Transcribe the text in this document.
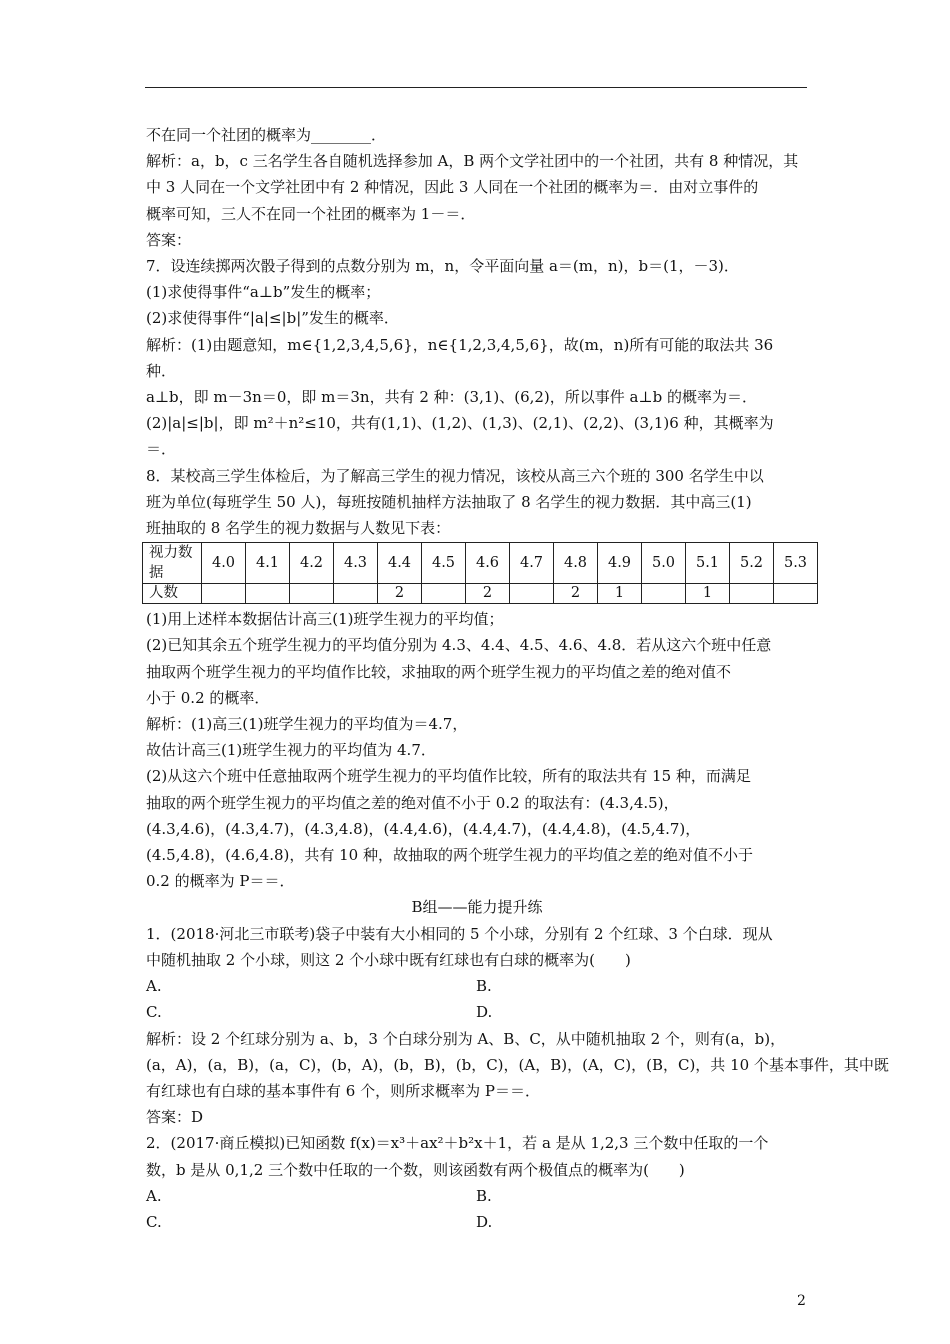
不在同一个社团的概率为________．

解析：a，b，c 三名学生各自随机选择参加 A，B 两个文学社团中的一个社团，共有 8 种情况，其

中 3 人同在一个文学社团中有 2 种情况，因此 3 人同在一个社团的概率为＝．由对立事件的

概率可知，三人不在同一个社团的概率为 1－＝．

答案：

7．设连续掷两次骰子得到的点数分别为 m，n，令平面向量 a＝(m，n)，b＝(1，－3)．

(1)求使得事件“a⊥b”发生的概率；

(2)求使得事件“|a|≤|b|”发生的概率．

解析：(1)由题意知，m∈{1,2,3,4,5,6}，n∈{1,2,3,4,5,6}，故(m，n)所有可能的取法共 36

种．

a⊥b，即 m－3n＝0，即 m＝3n，共有 2 种：(3,1)、(6,2)，所以事件 a⊥b 的概率为＝．

(2)|a|≤|b|，即 m²＋n²≤10，共有(1,1)、(1,2)、(1,3)、(2,1)、(2,2)、(3,1)6 种，其概率为

＝．

8．某校高三学生体检后，为了解高三学生的视力情况，该校从高三六个班的 300 名学生中以

班为单位(每班学生 50 人)，每班按随机抽样方法抽取了 8 名学生的视力数据．其中高三(1)

班抽取的 8 名学生的视力数据与人数见下表：

视力数据	4.0	4.1	4.2	4.3	4.4	4.5	4.6	4.7	4.8	4.9	5.0	5.1	5.2	5.3
人数					2		2		2	1		1		

(1)用上述样本数据估计高三(1)班学生视力的平均值；

(2)已知其余五个班学生视力的平均值分别为 4.3、4.4、4.5、4.6、4.8．若从这六个班中任意

抽取两个班学生视力的平均值作比较，求抽取的两个班学生视力的平均值之差的绝对值不

小于 0.2 的概率．

解析：(1)高三(1)班学生视力的平均值为＝4.7，

故估计高三(1)班学生视力的平均值为 4.7．

(2)从这六个班中任意抽取两个班学生视力的平均值作比较，所有的取法共有 15 种，而满足

抽取的两个班学生视力的平均值之差的绝对值不小于 0.2 的取法有：(4.3,4.5)，

(4.3,4.6)，(4.3,4.7)，(4.3,4.8)，(4.4,4.6)，(4.4,4.7)，(4.4,4.8)，(4.5,4.7)，

(4.5,4.8)，(4.6,4.8)，共有 10 种，故抽取的两个班学生视力的平均值之差的绝对值不小于

0.2 的概率为 P＝＝．

B组——能力提升练

1．(2018·河北三市联考)袋子中装有大小相同的 5 个小球，分别有 2 个红球、3 个白球．现从

中随机抽取 2 个小球，则这 2 个小球中既有红球也有白球的概率为(　　)

A.	B.
C.	D.

解析：设 2 个红球分别为 a、b，3 个白球分别为 A、B、C，从中随机抽取 2 个，则有(a，b)，

(a，A)，(a，B)，(a，C)，(b，A)，(b，B)，(b，C)，(A，B)，(A，C)，(B，C)，共 10 个基本事件，其中既

有红球也有白球的基本事件有 6 个，则所求概率为 P＝＝．

答案：D

2．(2017·商丘模拟)已知函数 f(x)＝x³＋ax²＋b²x＋1，若 a 是从 1,2,3 三个数中任取的一个

数，b 是从 0,1,2 三个数中任取的一个数，则该函数有两个极值点的概率为(　　)

A.	B.
C.	D.
2
